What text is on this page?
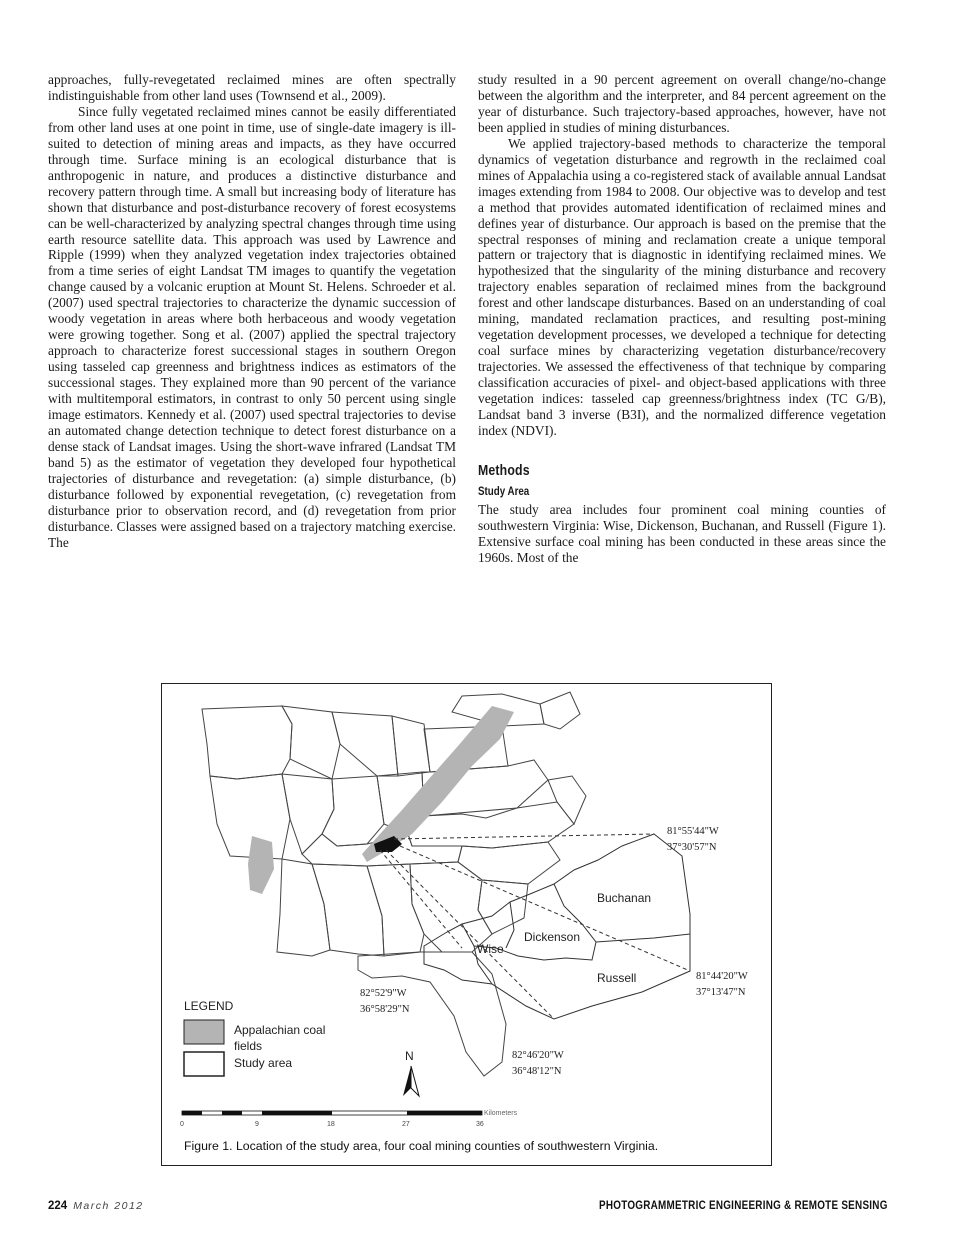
approaches, fully-revegetated reclaimed mines are often spectrally indistinguishable from other land uses (Townsend et al., 2009).

Since fully vegetated reclaimed mines cannot be easily differentiated from other land uses at one point in time, use of single-date imagery is ill-suited to detection of mining areas and impacts, as they have occurred through time. Surface mining is an ecological disturbance that is anthropogenic in nature, and produces a distinctive disturbance and recovery pattern through time. A small but increasing body of literature has shown that disturbance and post-disturbance recovery of forest ecosystems can be well-characterized by analyzing spectral changes through time using earth resource satellite data. This approach was used by Lawrence and Ripple (1999) when they analyzed vegetation index trajectories obtained from a time series of eight Landsat TM images to quantify the vegetation change caused by a volcanic eruption at Mount St. Helens. Schroeder et al. (2007) used spectral trajectories to characterize the dynamic succession of woody vegetation in areas where both herbaceous and woody vegetation were growing together. Song et al. (2007) applied the spectral trajectory approach to characterize forest successional stages in southern Oregon using tasseled cap greenness and brightness indices as estimators of the successional stages. They explained more than 90 percent of the variance with multitemporal estimators, in contrast to only 50 percent using single image estimators. Kennedy et al. (2007) used spectral trajectories to devise an automated change detection technique to detect forest disturbance on a dense stack of Landsat images. Using the short-wave infrared (Landsat TM band 5) as the estimator of vegetation they developed four hypothetical trajectories of disturbance and revegetation: (a) simple disturbance, (b) disturbance followed by exponential revegetation, (c) revegetation from disturbance prior to observation record, and (d) revegetation from prior disturbance. Classes were assigned based on a trajectory matching exercise. The

study resulted in a 90 percent agreement on overall change/no-change between the algorithm and the interpreter, and 84 percent agreement on the year of disturbance. Such trajectory-based approaches, however, have not been applied in studies of mining disturbances.

We applied trajectory-based methods to characterize the temporal dynamics of vegetation disturbance and regrowth in the reclaimed coal mines of Appalachia using a co-registered stack of available annual Landsat images extending from 1984 to 2008. Our objective was to develop and test a method that provides automated identification of reclaimed mines and defines year of disturbance. Our approach is based on the premise that the spectral responses of mining and reclamation create a unique temporal pattern or trajectory that is diagnostic in identifying reclaimed mines. We hypothesized that the singularity of the mining disturbance and recovery trajectory enables separation of reclaimed mines from the background forest and other landscape disturbances. Based on an understanding of coal mining, mandated reclamation practices, and resulting post-mining vegetation development processes, we developed a technique for detecting coal surface mines by characterizing vegetation disturbance/recovery trajectories. We assessed the effectiveness of that technique by comparing classification accuracies of pixel- and object-based applications with three vegetation indices: tasseled cap greenness/brightness index (TC G/B), Landsat band 3 inverse (B3I), and the normalized difference vegetation index (NDVI).

Methods
Study Area

The study area includes four prominent coal mining counties of southwestern Virginia: Wise, Dickenson, Buchanan, and Russell (Figure 1). Extensive surface coal mining has been conducted in these areas since the 1960s. Most of the

Buchanan
Dickenson
Wise
Russell
81°55'44"W
37°30'57"N
81°44'20"W
37°13'47"N
82°52'9"W
36°58'29"N
82°46'20"W
36°48'12"N
LEGEND
Appalachian coal
fields
Study area	N
Kilometers
0	9	18	27	36
Figure 1. Location of the study area, four coal mining counties of southwestern Virginia.
224 March 2012	PHOTOGRAMMETRIC ENGINEERING & REMOTE SENSING
